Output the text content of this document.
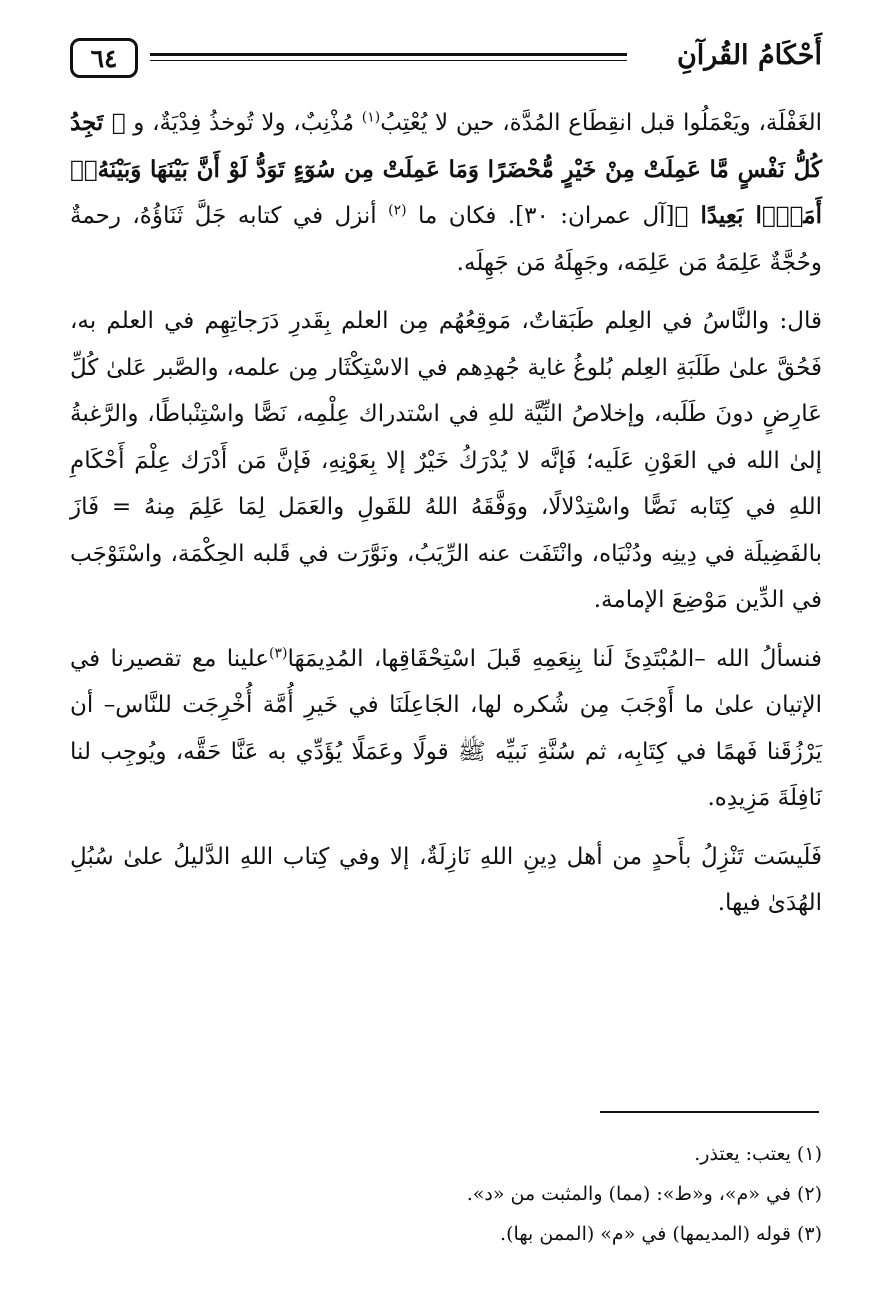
٦٤	أَحْكَامُ القُرآنِ

الغَفْلَة، ويَعْمَلُوا قبل انقِطَاع المُدَّة، حين لا يُعْتِبُ$^{(١)}$ مُذْنِبٌ، ولا تُوخذُ فِدْيَةٌ، و ﴿ تَجِدُ كُلُّ نَفْسٍ مَّا عَمِلَتْ مِنْ خَيْرٍ مُّحْضَرًا وَمَا عَمِلَتْ مِن سُوٓءٍ تَوَدُّ لَوْ أَنَّ بَيْنَهَا وَبَيْنَهُۥٓ أَمَدًۢا بَعِيدًا ﴾[آل عمران: ٣٠]. فكان ما $^{(٢)}$ أنزل في كتابه جَلَّ ثَنَاؤُهُ، رحمةٌ وحُجَّةٌ عَلِمَهُ مَن عَلِمَه، وجَهِلَهُ مَن جَهِلَه.

قال: والنَّاسُ في العِلم طَبَقاتٌ، مَوقِعُهُم مِن العلم بِقَدرِ دَرَجاتِهِم في العلم به، فَحُقَّ علىٰ طَلَبَةِ العِلم بُلوغُ غاية جُهدِهم في الاسْتِكْثَار مِن علمه، والصَّبر عَلىٰ كُلِّ عَارِضٍ دونَ طَلَبه، وإخلاصُ النِّيَّة للهِ في اسْتدراك عِلْمِه، نَصًّا واسْتِنْباطًا، والرَّغبةُ إلىٰ الله في العَوْنِ عَلَيه؛ فَإنَّه لا يُدْرَكُ خَيْرٌ إلا بِعَوْنِهِ، فَإنَّ مَن أَدْرَك عِلْمَ أَحْكَامِ اللهِ في كِتَابه نَصًّا واسْتِدْلالًا، ووَفَّقَهُ اللهُ للقَولِ والعَمَل لِمَا عَلِمَ مِنهُ = فَازَ بالفَضِيلَة في دِينِه ودُنْيَاه، وانْتَفَت عنه الرِّيَبُ، ونَوَّرَت في قَلبه الحِكْمَة، واسْتَوْجَب في الدِّين مَوْضِعَ الإمامة.

فنسألُ الله –المُبْتَدِئَ لَنا بِنِعَمِهِ قَبلَ اسْتِحْقَاقِها، المُدِيمَهَا$^{(٣)}$علينا مع تقصيرنا في الإتيان علىٰ ما أَوْجَبَ مِن شُكره لها، الجَاعِلَنَا في خَيرِ أُمَّة أُخْرِجَت للنَّاس– أن يَرْزُقَنا فَهمًا في كِتَابِه، ثم سُنَّةِ نَبيِّه ﷺ قولًا وعَمَلًا يُؤَدِّي به عَنَّا حَقَّه، ويُوجِب لنا نَافِلَةَ مَزِيدِه.

فَلَيسَت تَنْزِلُ بأَحدٍ من أهل دِينِ اللهِ نَازِلَةٌ، إلا وفي كِتاب اللهِ الدَّليلُ علىٰ سُبُلِ الهُدَىٰ فيها.

(١) يعتب: يعتذر.
(٢) في «م»، و«ط»: (مما) والمثبت من «د».
(٣) قوله (المديمها) في «م» (الممن بها).
